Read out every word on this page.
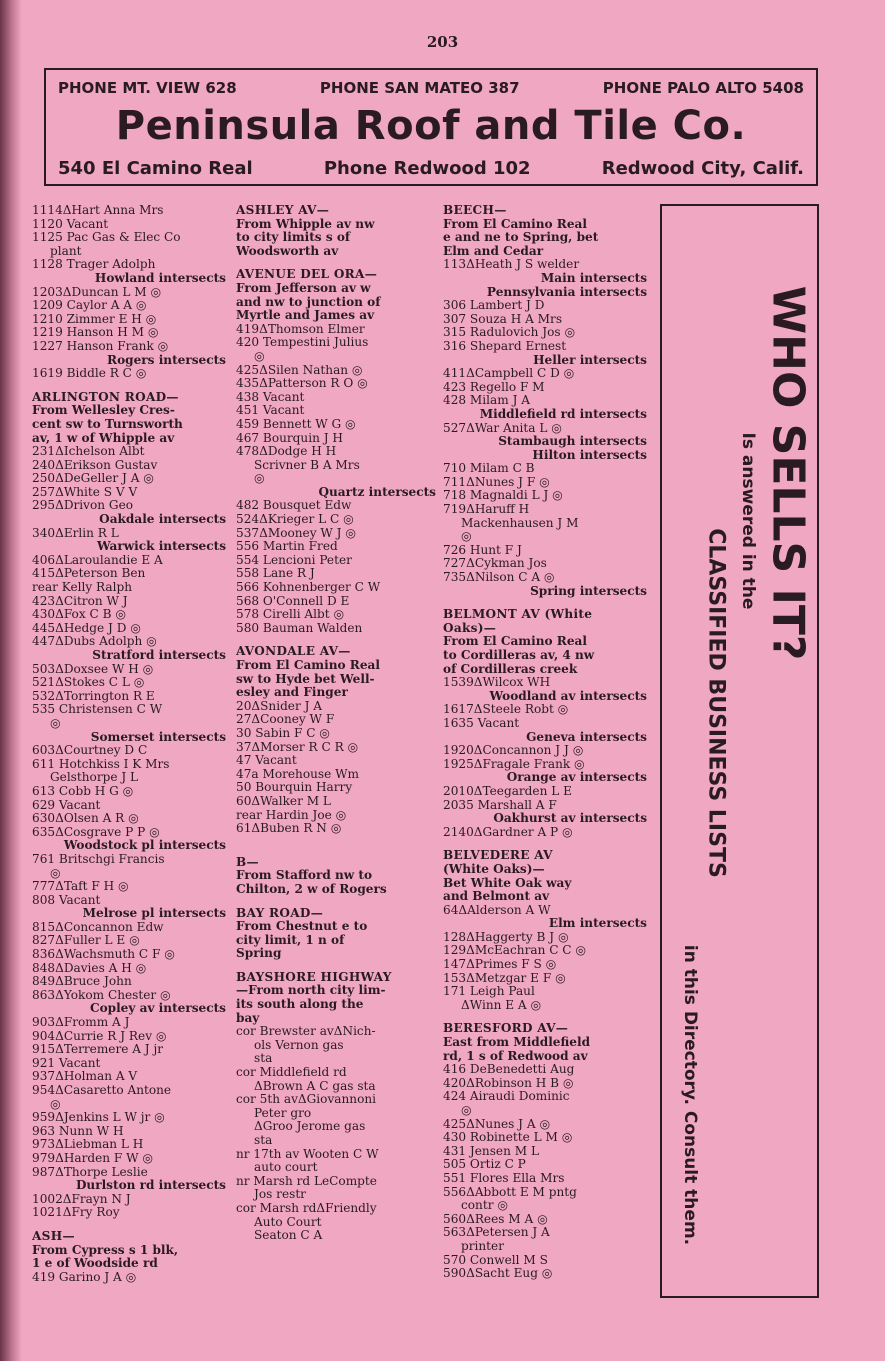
203
PHONE MT. VIEW 628	PHONE SAN MATEO 387	PHONE PALO ALTO 5408
Peninsula Roof and Tile Co.
540 El Camino Real	Phone Redwood 102	Redwood City, Calif.
1114ΔHart Anna Mrs
1120 Vacant
1125 Pac Gas & Elec Co
plant
1128 Trager Adolph
Howland intersects
1203ΔDuncan L M ◎
1209 Caylor A A ◎
1210 Zimmer E H ◎
1219 Hanson H M ◎
1227 Hanson Frank ◎
Rogers intersects
1619 Biddle R C ◎
ARLINGTON ROAD—
From Wellesley Cres-
cent sw to Turnsworth
av, 1 w of Whipple av
231ΔIchelson Albt
240ΔErikson Gustav
250ΔDeGeller J A ◎
257ΔWhite S V V
295ΔDrivon Geo
Oakdale intersects
340ΔErlin R L
Warwick intersects
406ΔLaroulandie E A
415ΔPeterson Ben
rear Kelly Ralph
423ΔCitron W J
430ΔFox C B ◎
445ΔHedge J D ◎
447ΔDubs Adolph ◎
Stratford intersects
503ΔDoxsee W H ◎
521ΔStokes C L ◎
532ΔTorrington R E
535 Christensen C W
◎
Somerset intersects
603ΔCourtney D C
611 Hotchkiss I K Mrs
Gelsthorpe J L
613 Cobb H G ◎
629 Vacant
630ΔOlsen A R ◎
635ΔCosgrave P P ◎
Woodstock pl intersects
761 Britschgi Francis
◎
777ΔTaft F H ◎
808 Vacant
Melrose pl intersects
815ΔConcannon Edw
827ΔFuller L E ◎
836ΔWachsmuth C F ◎
848ΔDavies A H ◎
849ΔBruce John
863ΔYokom Chester ◎
Copley av intersects
903ΔFromm A J
904ΔCurrie R J Rev ◎
915ΔTerremere A J jr
921 Vacant
937ΔHolman A V
954ΔCasaretto Antone
◎
959ΔJenkins L W jr ◎
963 Nunn W H
973ΔLiebman L H
979ΔHarden F W ◎
987ΔThorpe Leslie
Durlston rd intersects
1002ΔFrayn N J
1021ΔFry Roy
ASH—
From Cypress s 1 blk,
1 e of Woodside rd
419 Garino J A ◎
ASHLEY AV—
From Whipple av nw
to city limits s of
Woodsworth av
AVENUE DEL ORA—
From Jefferson av w
and nw to junction of
Myrtle and James av
419ΔThomson Elmer
420 Tempestini Julius
◎
425ΔSilen Nathan ◎
435ΔPatterson R O ◎
438 Vacant
451 Vacant
459 Bennett W G ◎
467 Bourquin J H
478ΔDodge H H
Scrivner B A Mrs
◎
Quartz intersects
482 Bousquet Edw
524ΔKrieger L C ◎
537ΔMooney W J ◎
556 Martin Fred
554 Lencioni Peter
558 Lane R J
566 Kohnenberger C W
568 O'Connell D E
578 Cirelli Albt ◎
580 Bauman Walden
AVONDALE AV—
From El Camino Real
sw to Hyde bet Well-
esley and Finger
20ΔSnider J A
27ΔCooney W F
30 Sabin F C ◎
37ΔMorser R C R ◎
47 Vacant
47a Morehouse Wm
50 Bourquin Harry
60ΔWalker M L
rear Hardin Joe ◎
61ΔBuben R N ◎
B—
From Stafford nw to
Chilton, 2 w of Rogers
BAY ROAD—
From Chestnut e to
city limit, 1 n of
Spring
BAYSHORE HIGHWAY
—From north city lim-
its south along the
bay
cor Brewster avΔNich-
ols Vernon gas
sta
cor Middlefield rd
ΔBrown A C gas sta
cor 5th avΔGiovannoni
Peter gro
ΔGroo Jerome gas
sta
nr 17th av Wooten C W
auto court
nr Marsh rd LeCompte
Jos restr
cor Marsh rdΔFriendly
Auto Court
Seaton C A
BEECH—
From El Camino Real
e and ne to Spring, bet
Elm and Cedar
113ΔHeath J S welder
Main intersects
Pennsylvania intersects
306 Lambert J D
307 Souza H A Mrs
315 Radulovich Jos ◎
316 Shepard Ernest
Heller intersects
411ΔCampbell C D ◎
423 Regello F M
428 Milam J A
Middlefield rd intersects
527ΔWar Anita L ◎
Stambaugh intersects
Hilton intersects
710 Milam C B
711ΔNunes J F ◎
718 Magnaldi L J ◎
719ΔHaruff H
Mackenhausen J M
◎
726 Hunt F J
727ΔCykman Jos
735ΔNilson C A ◎
Spring intersects
BELMONT AV (White
Oaks)—
From El Camino Real
to Cordilleras av, 4 nw
of Cordilleras creek
1539ΔWilcox WH
Woodland av intersects
1617ΔSteele Robt ◎
1635 Vacant
Geneva intersects
1920ΔConcannon J J ◎
1925ΔFragale Frank ◎
Orange av intersects
2010ΔTeegarden L E
2035 Marshall A F
Oakhurst av intersects
2140ΔGardner A P ◎
BELVEDERE AV
(White Oaks)—
Bet White Oak way
and Belmont av
64ΔAlderson A W
Elm intersects
128ΔHaggerty B J ◎
129ΔMcEachran C C ◎
147ΔPrimes F S ◎
153ΔMetzgar E F ◎
171 Leigh Paul
ΔWinn E A ◎
BERESFORD AV—
East from Middlefield
rd, 1 s of Redwood av
416 DeBenedetti Aug
420ΔRobinson H B ◎
424 Airaudi Dominic
◎
425ΔNunes J A ◎
430 Robinette L M ◎
431 Jensen M L
505 Ortiz C P
551 Flores Ella Mrs
556ΔAbbott E M pntg
contr ◎
560ΔRees M A ◎
563ΔPetersen J A
printer
570 Conwell M S
590ΔSacht Eug ◎
WHO SELLS IT?
Is answered in the
CLASSIFIED BUSINESS LISTS
in this Directory. Consult them.
